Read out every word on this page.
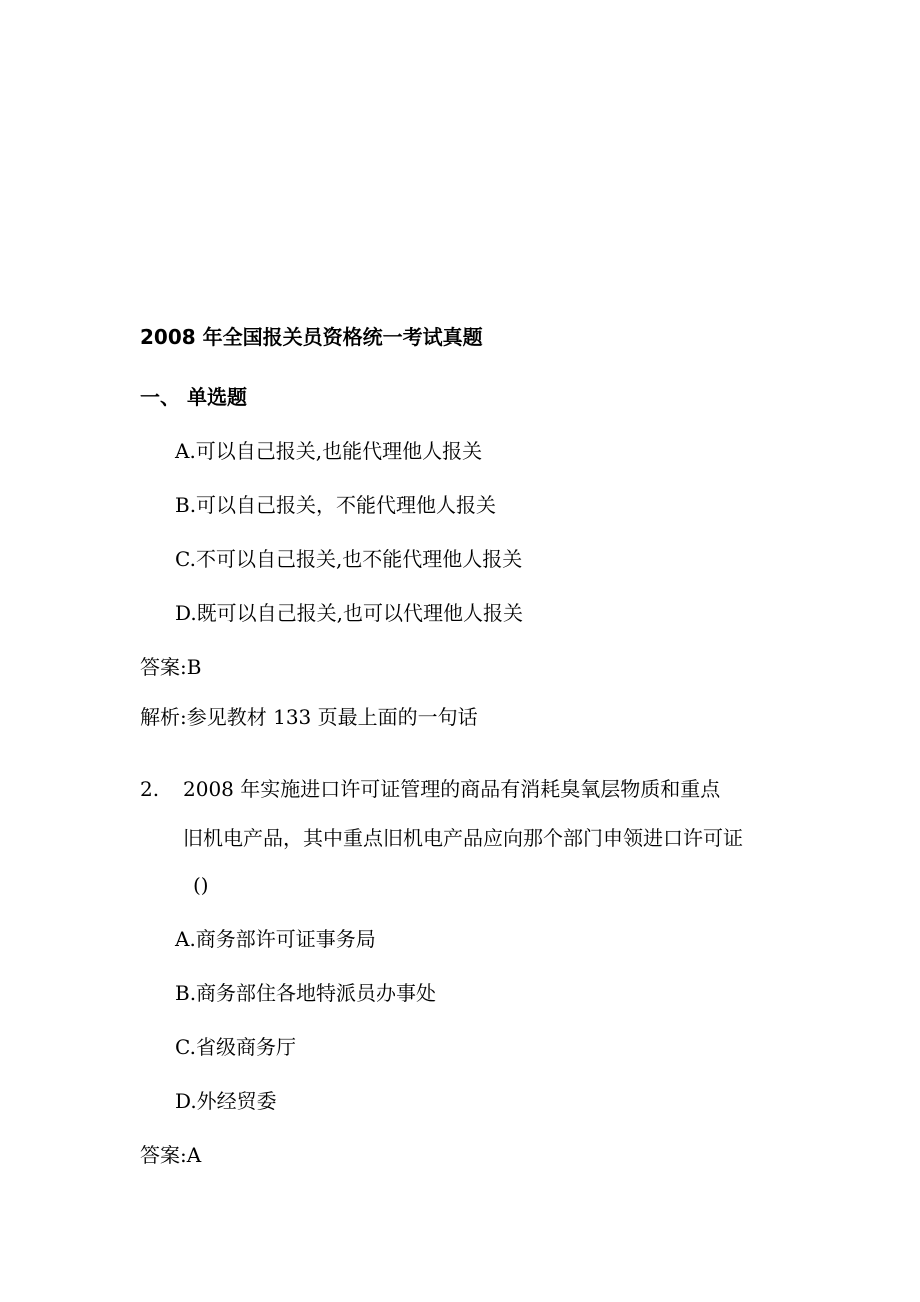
2008 年全国报关员资格统一考试真题
一、 单选题
A.可以自己报关,也能代理他人报关
B.可以自己报关，不能代理他人报关
C.不可以自己报关,也不能代理他人报关
D.既可以自己报关,也可以代理他人报关
答案:B
解析:参见教材 133 页最上面的一句话
2. 2008 年实施进口许可证管理的商品有消耗臭氧层物质和重点
旧机电产品，其中重点旧机电产品应向那个部门申领进口许可证
()
A.商务部许可证事务局
B.商务部住各地特派员办事处
C.省级商务厅
D.外经贸委
答案:A
